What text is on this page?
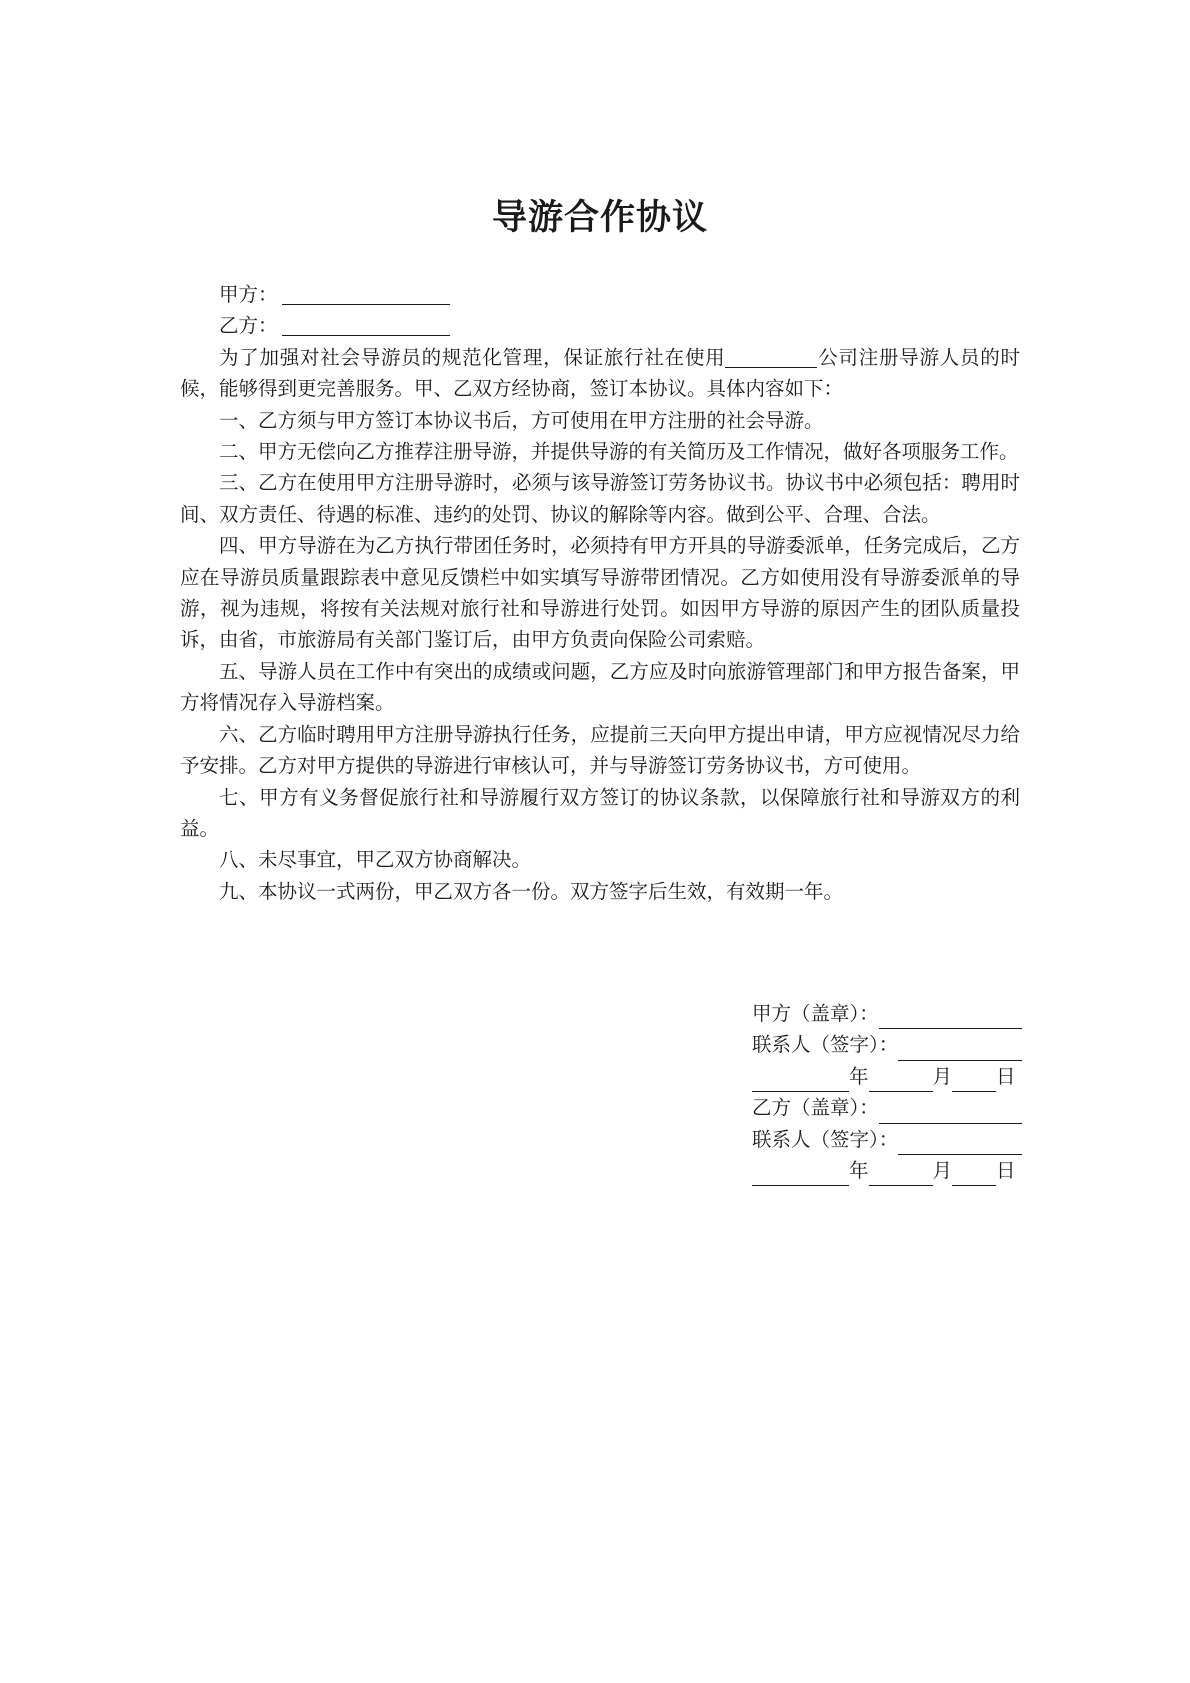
导游合作协议

甲方：

乙方：

为了加强对社会导游员的规范化管理，保证旅行社在使用	公司注册导游人员的时候，能够得到更完善服务。甲、乙双方经协商，签订本协议。具体内容如下：

一、乙方须与甲方签订本协议书后，方可使用在甲方注册的社会导游。

二、甲方无偿向乙方推荐注册导游，并提供导游的有关简历及工作情况，做好各项服务工作。

三、乙方在使用甲方注册导游时，必须与该导游签订劳务协议书。协议书中必须包括：聘用时间、双方责任、待遇的标准、违约的处罚、协议的解除等内容。做到公平、合理、合法。

四、甲方导游在为乙方执行带团任务时，必须持有甲方开具的导游委派单，任务完成后，乙方应在导游员质量跟踪表中意见反馈栏中如实填写导游带团情况。乙方如使用没有导游委派单的导游，视为违规，将按有关法规对旅行社和导游进行处罚。如因甲方导游的原因产生的团队质量投诉，由省，市旅游局有关部门鉴订后，由甲方负责向保险公司索赔。

五、导游人员在工作中有突出的成绩或问题，乙方应及时向旅游管理部门和甲方报告备案，甲方将情况存入导游档案。

六、乙方临时聘用甲方注册导游执行任务，应提前三天向甲方提出申请，甲方应视情况尽力给予安排。乙方对甲方提供的导游进行审核认可，并与导游签订劳务协议书，方可使用。

七、甲方有义务督促旅行社和导游履行双方签订的协议条款，以保障旅行社和导游双方的利益。

八、未尽事宜，甲乙双方协商解决。

九、本协议一式两份，甲乙双方各一份。双方签字后生效，有效期一年。

甲方（盖章）：
联系人（签字）：
年	月 日
乙方（盖章）：
联系人（签字）：
年	月 日
